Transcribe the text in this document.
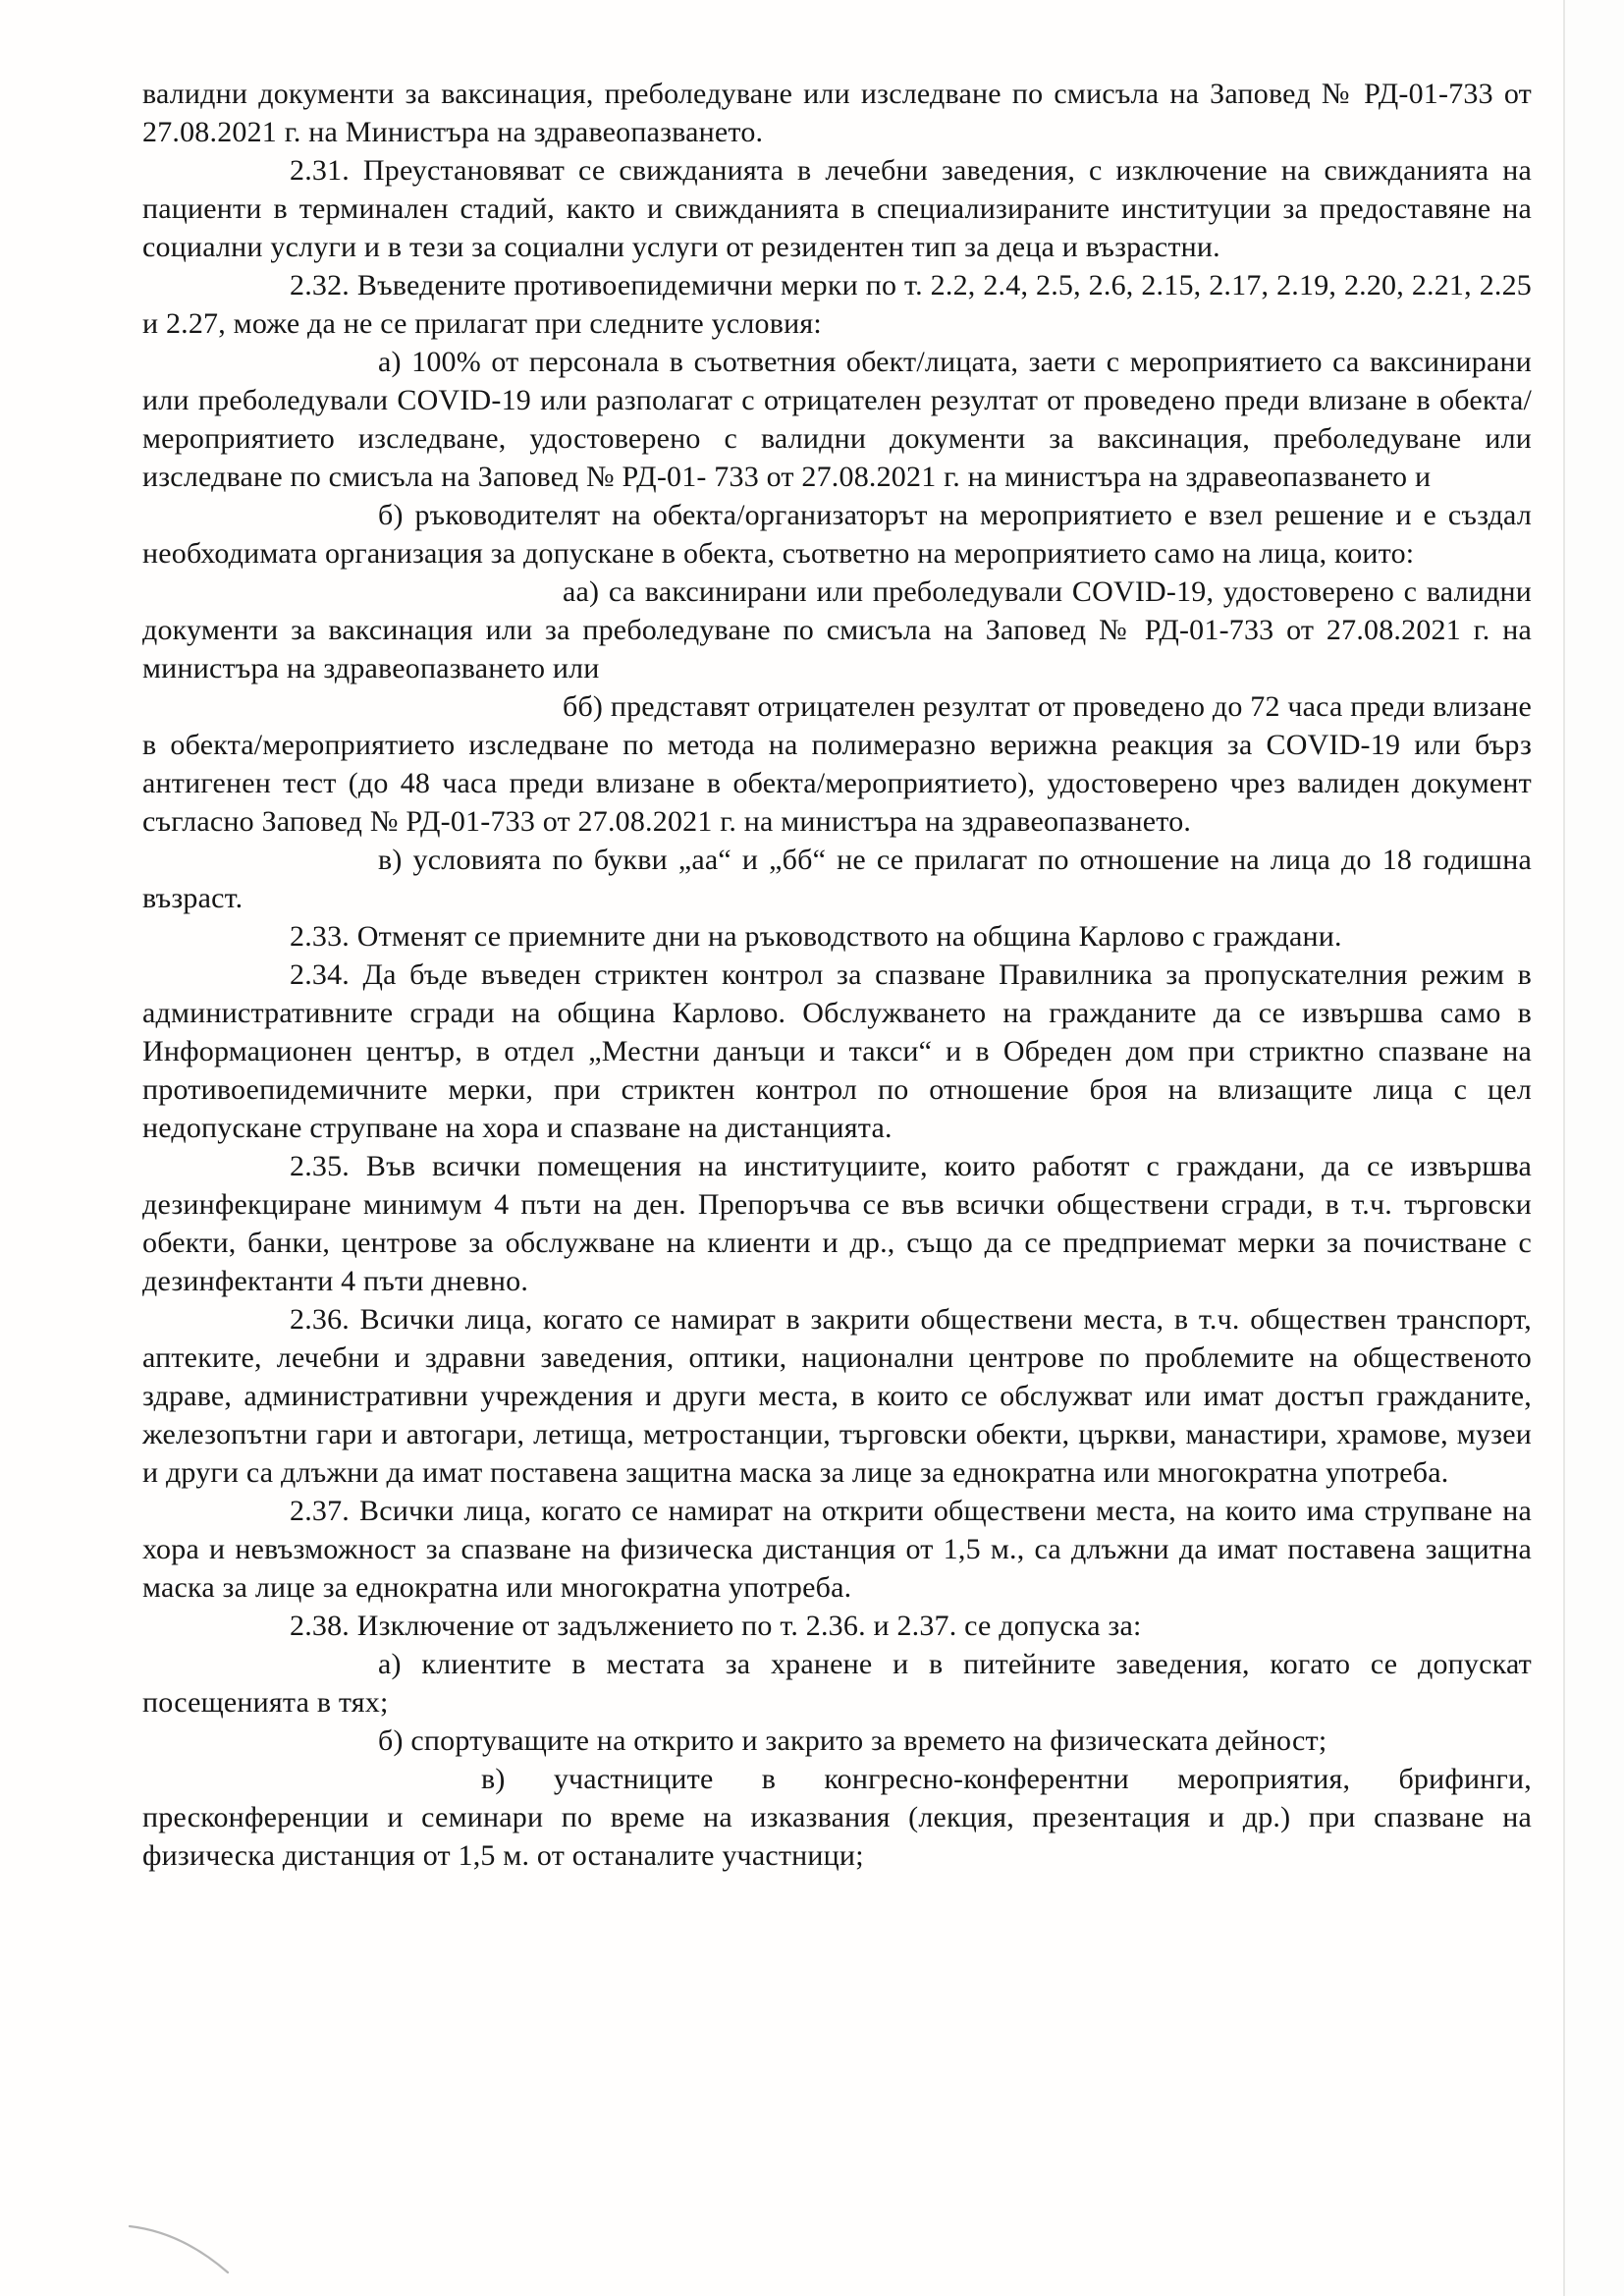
валидни документи за ваксинация, преболедуване или изследване по смисъла на Заповед № РД-01-733 от 27.08.2021 г. на Министъра на здравеопазването.

2.31. Преустановяват се свижданията в лечебни заведения, с изключение на свижданията на пациенти в терминален стадий, както и свижданията в специализираните институции за предоставяне на социални услуги и в тези за социални услуги от резидентен тип за деца и възрастни.

2.32. Въведените противоепидемични мерки по т. 2.2, 2.4, 2.5, 2.6, 2.15, 2.17, 2.19, 2.20, 2.21, 2.25 и 2.27, може да не се прилагат при следните условия:

а) 100% от персонала в съответния обект/лицата, заети с мероприятието са ваксинирани или преболедували COVID-19 или разполагат с отрицателен резултат от проведено преди влизане в обекта/мероприятието изследване, удостоверено с валидни документи за ваксинация, преболедуване или изследване по смисъла на Заповед № РД-01- 733 от 27.08.2021 г. на министъра на здравеопазването и

б) ръководителят на обекта/организаторът на мероприятието е взел решение и е създал необходимата организация за допускане в обекта, съответно на мероприятието само на лица, които:

аа) са ваксинирани или преболедували COVID-19, удостоверено с валидни документи за ваксинация или за преболедуване по смисъла на Заповед № РД-01-733 от 27.08.2021 г. на министъра на здравеопазването или

бб) представят отрицателен резултат от проведено до 72 часа преди влизане в обекта/мероприятието изследване по метода на полимеразно верижна реакция за COVID-19 или бърз антигенен тест (до 48 часа преди влизане в обекта/мероприятието), удостоверено чрез валиден документ съгласно Заповед № РД-01-733 от 27.08.2021 г. на министъра на здравеопазването.

в) условията по букви „аа“ и „бб“ не се прилагат по отношение на лица до 18 годишна възраст.

2.33. Отменят се приемните дни на ръководството на община Карлово с граждани.

2.34. Да бъде въведен стриктен контрол за спазване Правилника за пропускателния режим в административните сгради на община Карлово. Обслужването на гражданите да се извършва само в Информационен център, в отдел „Местни данъци и такси“ и в Обреден дом при стриктно спазване на противоепидемичните мерки, при стриктен контрол по отношение броя на влизащите лица с цел недопускане струпване на хора и спазване на дистанцията.

2.35. Във всички помещения на институциите, които работят с граждани, да се извършва дезинфекциране минимум 4 пъти на ден. Препоръчва се във всички обществени сгради, в т.ч. търговски обекти, банки, центрове за обслужване на клиенти и др., също да се предприемат мерки за почистване с дезинфектанти 4 пъти дневно.

2.36. Всички лица, когато се намират в закрити обществени места, в т.ч. обществен транспорт, аптеките, лечебни и здравни заведения, оптики, национални центрове по проблемите на общественото здраве, административни учреждения и други места, в които се обслужват или имат достъп гражданите, железопътни гари и автогари, летища, метростанции, търговски обекти, църкви, манастири, храмове, музеи и други са длъжни да имат поставена защитна маска за лице за еднократна или многократна употреба.

2.37. Всички лица, когато се намират на открити обществени места, на които има струпване на хора и невъзможност за спазване на физическа дистанция от 1,5 м., са длъжни да имат поставена защитна маска за лице за еднократна или многократна употреба.

2.38. Изключение от задължението по т. 2.36. и 2.37. се допуска за:

а) клиентите в местата за хранене и в питейните заведения, когато се допускат посещенията в тях;

б) спортуващите на открито и закрито за времето на физическата дейност;

в) участниците в конгресно-конферентни мероприятия, брифинги, пресконференции и семинари по време на изказвания (лекция, презентация и др.) при спазване на физическа дистанция от 1,5 м. от останалите участници;
